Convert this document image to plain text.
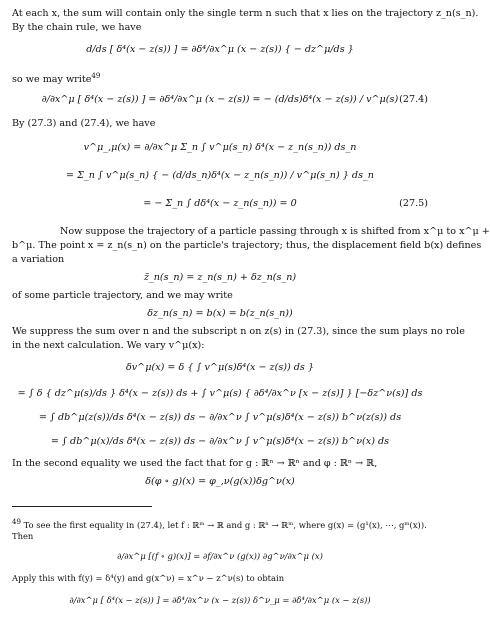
At each x, the sum will contain only the single term n such that x lies on the trajectory z_n(s_n).
By the chain rule, we have
d/ds [ δ⁴(x − z(s)) ] = ∂δ⁴/∂x^μ (x − z(s)) { − dz^μ/ds }
so we may write$^{49}$
∂/∂x^μ [ δ⁴(x − z(s)) ] = ∂δ⁴/∂x^μ (x − z(s)) = − (d/ds)δ⁴(x − z(s)) / v^μ(s) (27.4)
By (27.3) and (27.4), we have
v^μ_,μ(x) = ∂/∂x^μ Σ_n ∫ v^μ(s_n) δ⁴(x − z_n(s_n)) ds_n
= Σ_n ∫ v^μ(s_n) { − (d/ds_n)δ⁴(x − z_n(s_n)) / v^μ(s_n) } ds_n
= − Σ_n ∫ dδ⁴(x − z_n(s_n)) = 0	(27.5)
Now suppose the trajectory of a particle passing through x is shifted from x^μ to x^μ +
b^μ. The point x = z_n(s_n) on the particle's trajectory; thus, the displacement field b(x) defines
a variation
z̃_n(s_n) = z_n(s_n) + δz_n(s_n)
of some particle trajectory, and we may write
δz_n(s_n) = b(x) = b(z_n(s_n))
We suppress the sum over n and the subscript n on z(s) in (27.3), since the sum plays no role
in the next calculation. We vary v^μ(x):
δv^μ(x) = δ { ∫ v^μ(s)δ⁴(x − z(s)) ds }
= ∫ δ { dz^μ(s)/ds } δ⁴(x − z(s)) ds + ∫ v^μ(s) { ∂δ⁴/∂x^ν [x − z(s)] } [−δz^ν(s)] ds
= ∫ db^μ(z(s))/ds δ⁴(x − z(s)) ds − ∂/∂x^ν ∫ v^μ(s)δ⁴(x − z(s)) b^ν(z(s)) ds
= ∫ db^μ(x)/ds δ⁴(x − z(s)) ds − ∂/∂x^ν ∫ v^μ(s)δ⁴(x − z(s)) b^ν(x) ds
In the second equality we used the fact that for g : ℝⁿ → ℝⁿ and φ : ℝⁿ → ℝ,
δ(φ ∘ g)(x) = φ_,ν(g(x))δg^ν(x)
$^{49}$ To see the first equality in (27.4), let f : ℝᵐ → ℝ and g : ℝⁿ → ℝᵐ, where g(x) = (g¹(x), ⋯, gᵐ(x)).
Then
∂/∂x^μ [(f ∘ g)(x)] = ∂f/∂x^ν (g(x)) ∂g^ν/∂x^μ (x)
Apply this with f(y) = δ⁴(y) and g(x^ν) = x^ν − z^ν(s) to obtain
∂/∂x^μ [ δ⁴(x − z(s)) ] = ∂δ⁴/∂x^ν (x − z(s)) δ^ν_μ = ∂δ⁴/∂x^μ (x − z(s))
